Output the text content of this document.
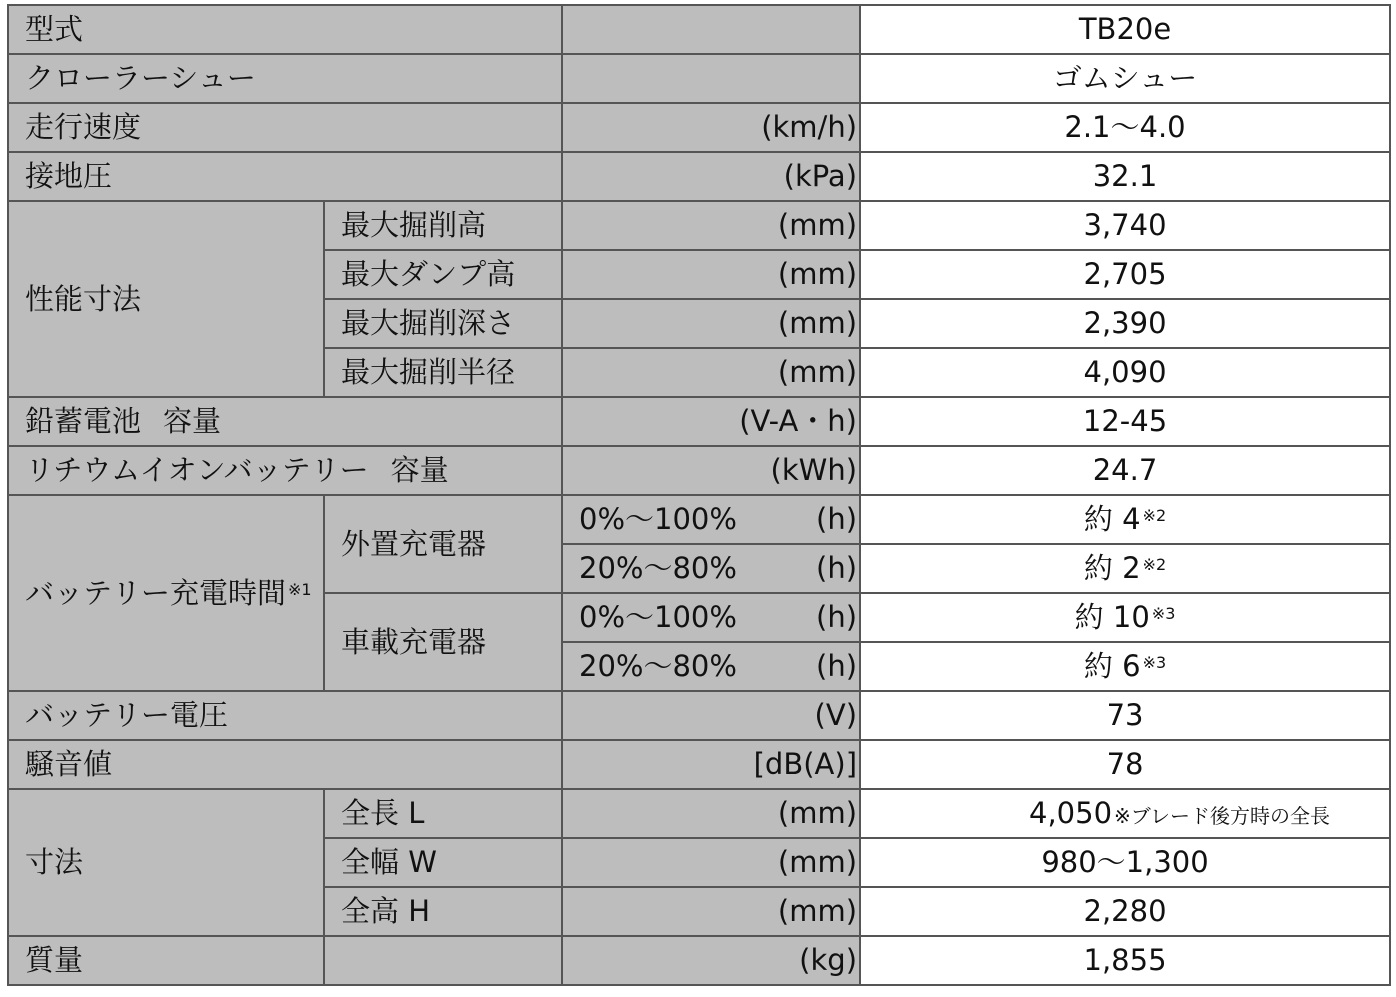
型式			TB20e
クローラーシュー			ゴムシュー
走行速度		(km/h)	2.1～4.0
接地圧		(kPa)	32.1
性能寸法	最大掘削高	(mm)	3,740
	最大ダンプ高	(mm)	2,705
	最大掘削深さ	(mm)	2,390
	最大掘削半径	(mm)	4,090
鉛蓄電池 容量		(V-A・h)	12-45
リチウムイオンバッテリー 容量		(kWh)	24.7
バッテリー充電時間 $^{※1}$	外置充電器	0%～100% (h)	約 4 $^{※2}$

		20%～80% (h)	約 2 $^{※2}$
	車載充電器	0%～100% (h)	約 10 $^{※3}$

		20%～80% (h)	約 6 $^{※3}$
バッテリー電圧		(V)	73
騒音値		[dB(A)]	78
寸法	全長 L	(mm)	4,050 ※ブレード後方時の全長
	全幅 W	(mm)	980～1,300
	全高 H	(mm)	2,280
質量		(kg)	1,855
